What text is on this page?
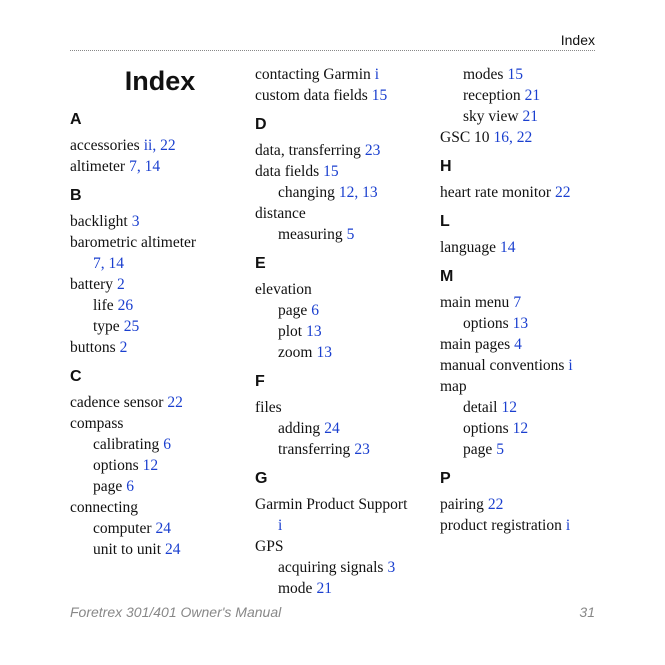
Index
Index
A
accessories ii, 22
altimeter 7, 14
B
backlight 3
barometric altimeter
7, 14
battery 2
life 26
type 25
buttons 2
C
cadence sensor 22
compass
calibrating 6
options 12
page 6
connecting
computer 24
unit to unit 24
contacting Garmin i
custom data fields 15
D
data, transferring 23
data fields 15
changing 12, 13
distance
measuring 5
E
elevation
page 6
plot 13
zoom 13
F
files
adding 24
transferring 23
G
Garmin Product Support
i
GPS
acquiring signals 3
mode 21
modes 15
reception 21
sky view 21
GSC 10 16, 22
H
heart rate monitor 22
L
language 14
M
main menu 7
options 13
main pages 4
manual conventions i
map
detail 12
options 12
page 5
P
pairing 22
product registration i
Foretrex 301/401 Owner's Manual	31
